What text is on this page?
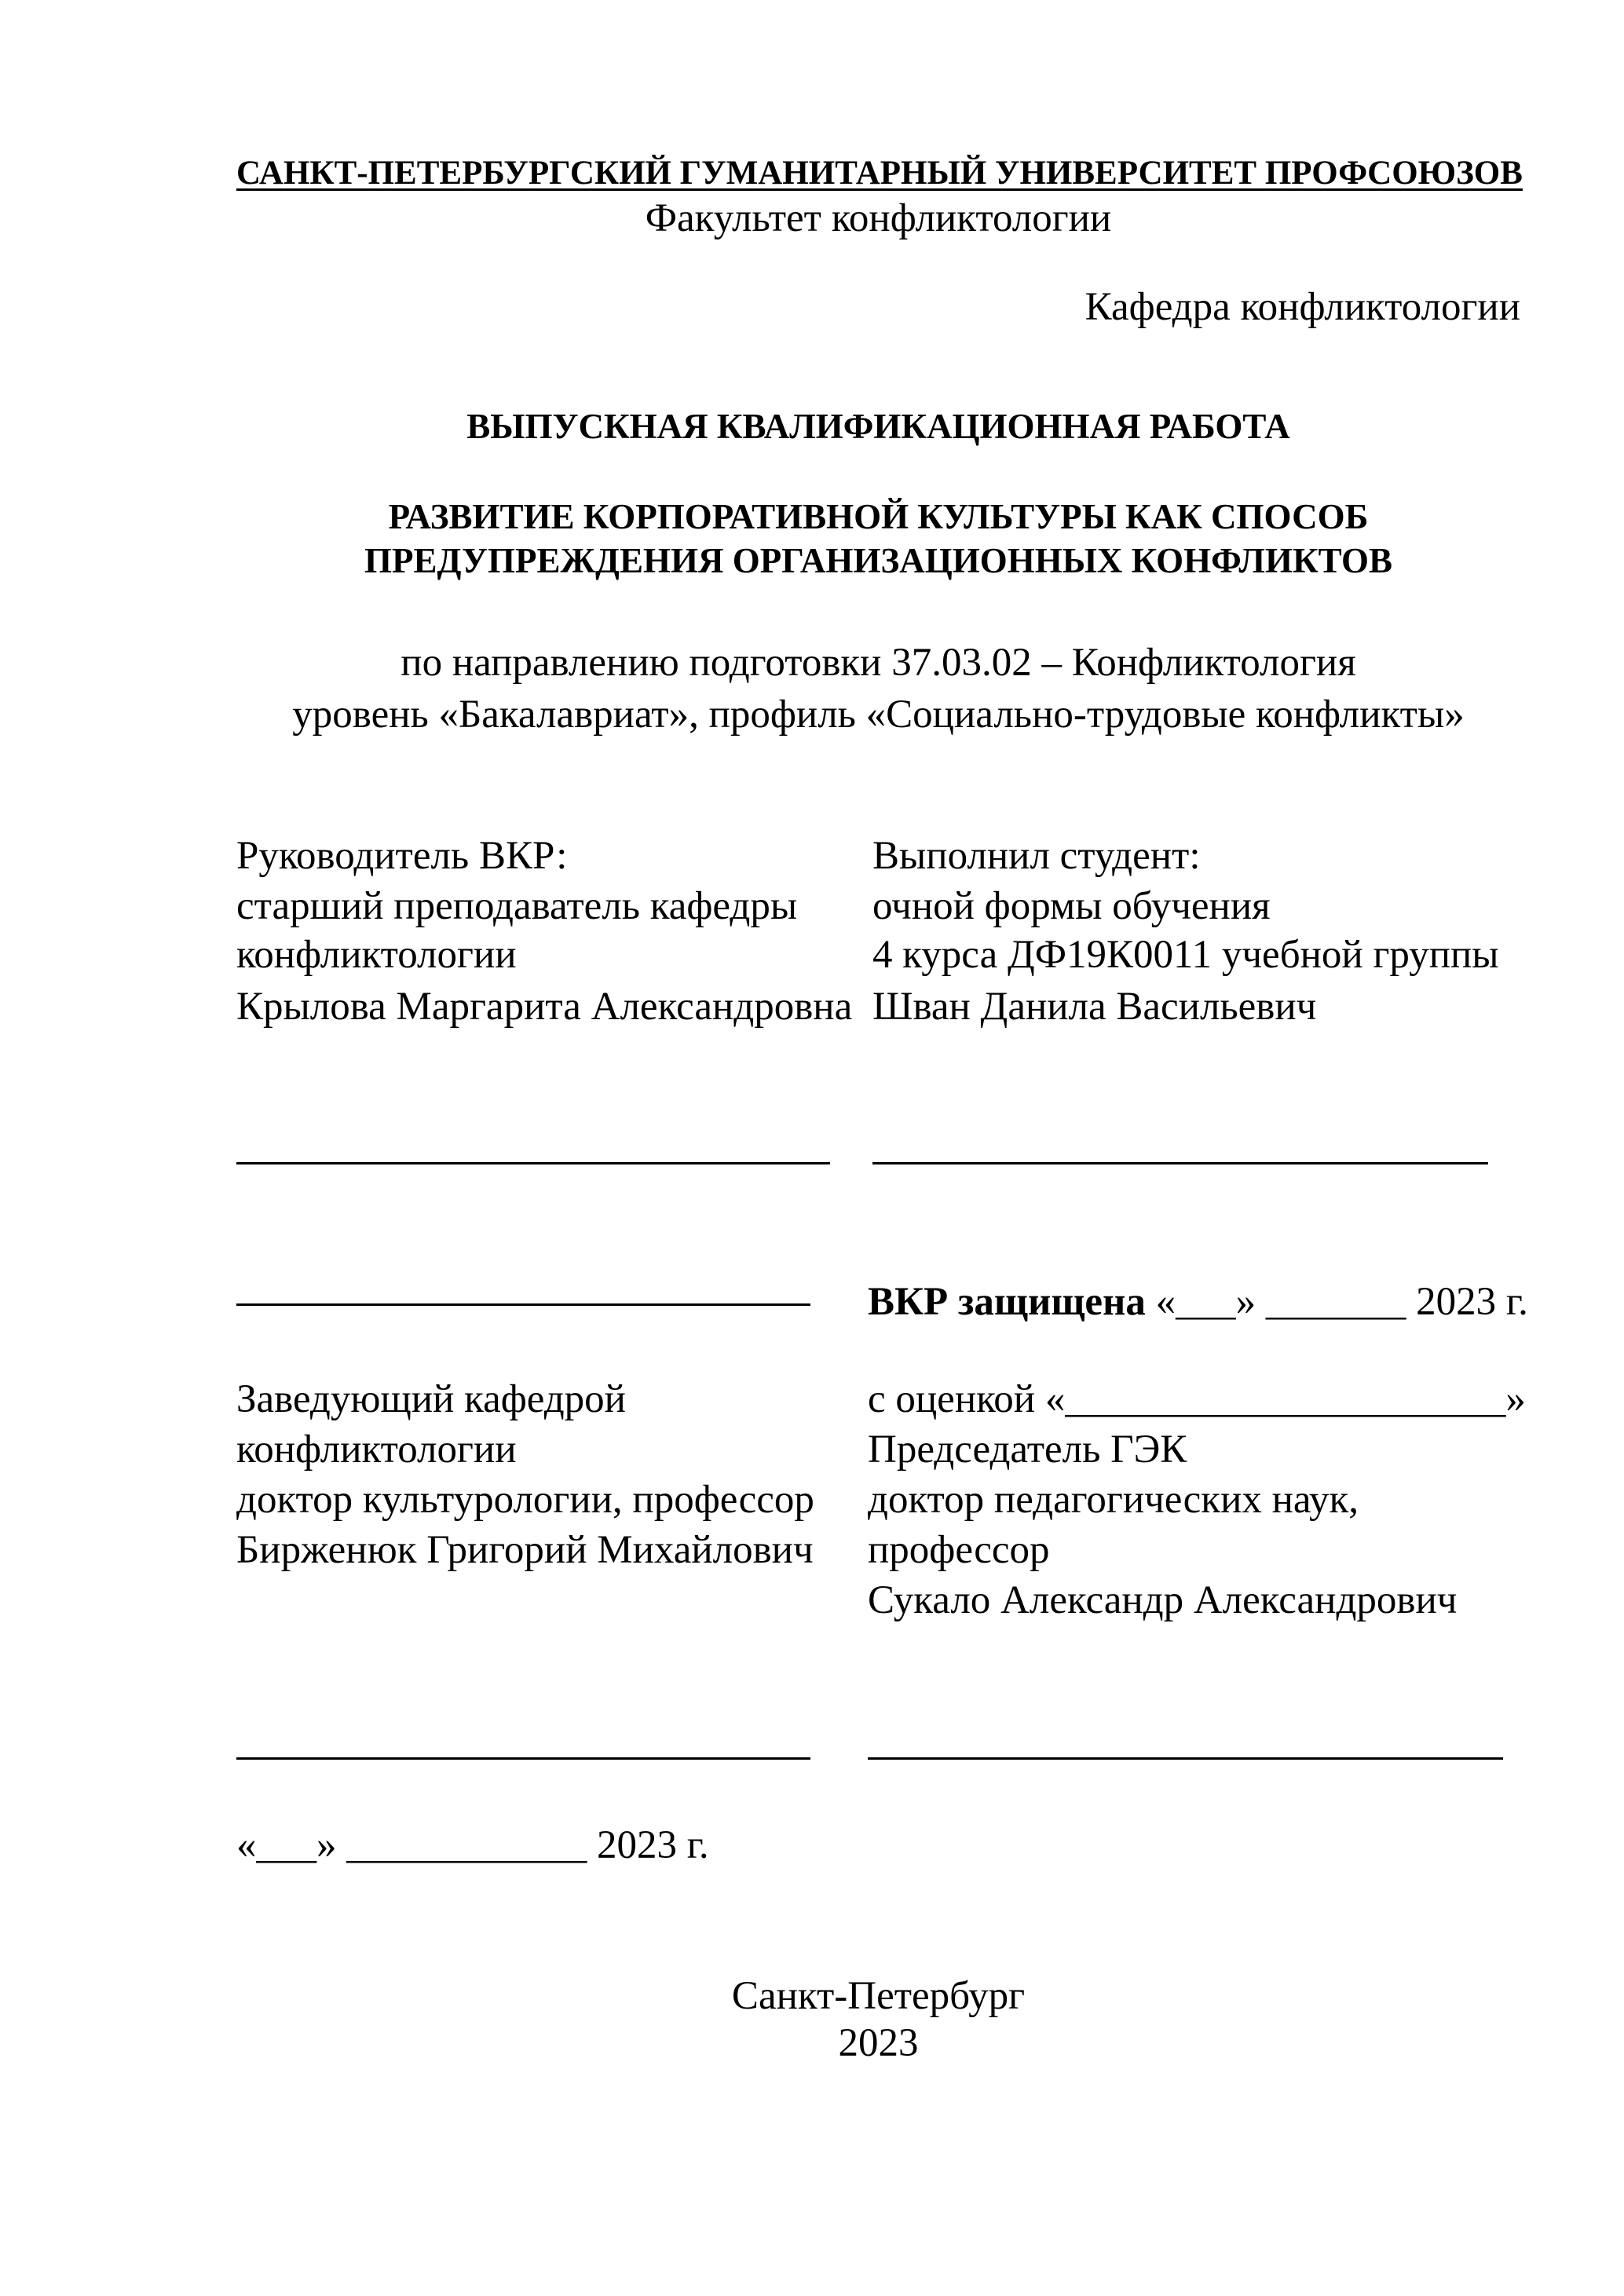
САНКТ-ПЕТЕРБУРГСКИЙ ГУМАНИТАРНЫЙ УНИВЕРСИТЕТ ПРОФСОЮЗОВ
Факультет конфликтологии
Кафедра конфликтологии
ВЫПУСКНАЯ КВАЛИФИКАЦИОННАЯ РАБОТА
РАЗВИТИЕ КОРПОРАТИВНОЙ КУЛЬТУРЫ КАК СПОСОБ
ПРЕДУПРЕЖДЕНИЯ ОРГАНИЗАЦИОННЫХ КОНФЛИКТОВ
по направлению подготовки 37.03.02 – Конфликтология
уровень «Бакалавриат», профиль «Социально-трудовые конфликты»
Руководитель ВКР:
старший преподаватель кафедры
конфликтологии
Крылова Маргарита Александровна
Выполнил студент:
очной формы обучения
4 курса ДФ19К0011 учебной группы
Шван Данила Васильевич
ВКР защищена «___» _______ 2023 г.
Заведующий кафедрой
конфликтологии
доктор культурологии, профессор
Бирженюк Григорий Михайлович
с оценкой «______________________»
Председатель ГЭК
доктор педагогических наук,
профессор
Сукало Александр Александрович
«___» ____________ 2023 г.
Санкт-Петербург
2023
